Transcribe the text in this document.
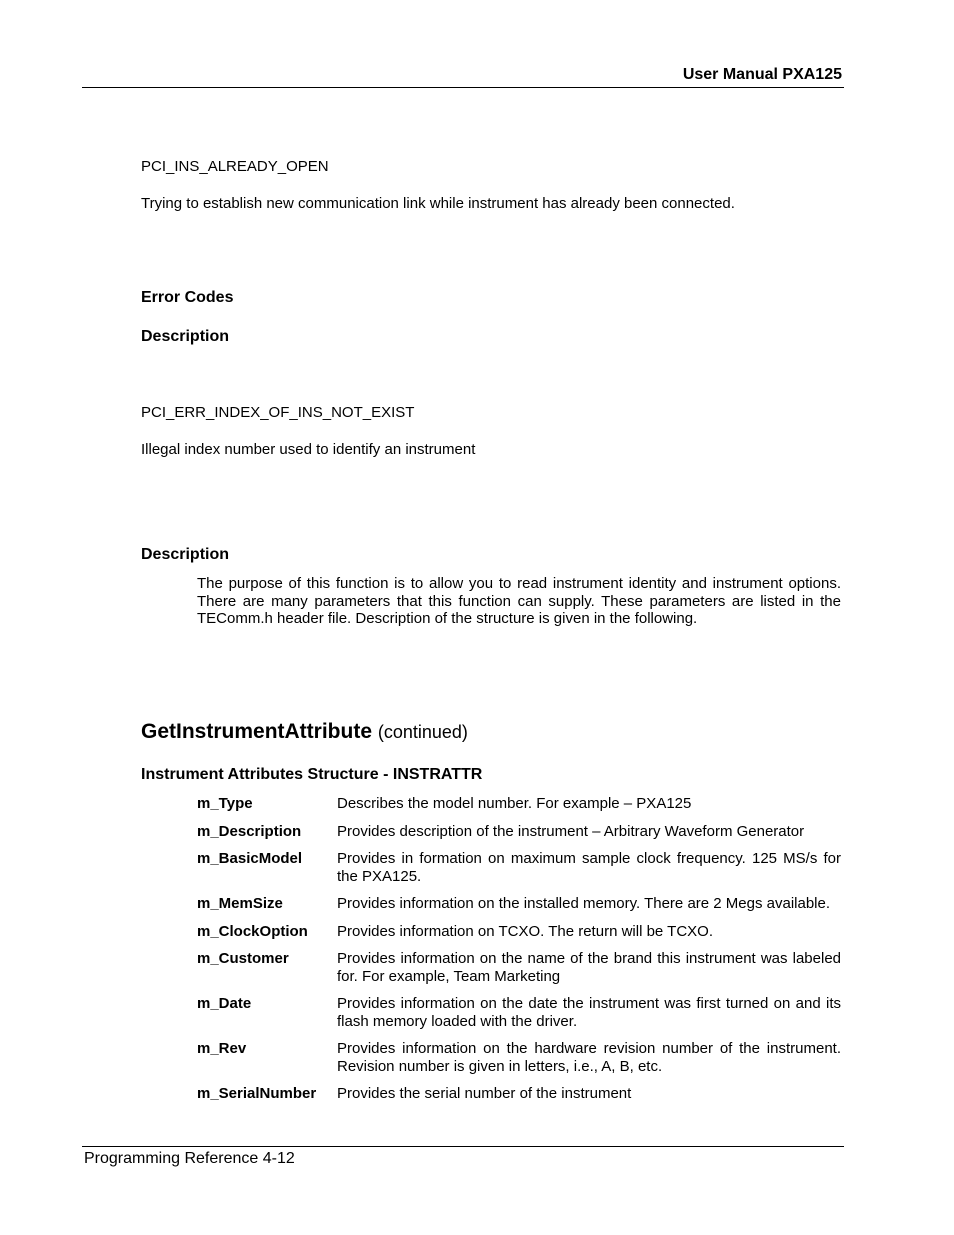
User Manual PXA125
PCI_INS_ALREADY_OPEN
Trying to establish new communication link while instrument has already been connected.
Error Codes
Description
PCI_ERR_INDEX_OF_INS_NOT_EXIST
Illegal index number used to identify an instrument
Description
The purpose of this function is to allow you to read instrument identity and instrument options. There are many parameters that this function can supply. These parameters are listed in the TEComm.h header file. Description of the structure is given in the following.
GetInstrumentAttribute (continued)
Instrument Attributes Structure - INSTRATTR
m_Type	Describes the model number. For example – PXA125
m_Description	Provides description of the instrument – Arbitrary Waveform Generator
m_BasicModel	Provides in formation on maximum sample clock frequency. 125 MS/s for the PXA125.
m_MemSize	Provides information on the installed memory. There are 2 Megs available.
m_ClockOption	Provides information on TCXO. The return will be TCXO.
m_Customer	Provides information on the name of the brand this instrument was labeled for. For example, Team Marketing
m_Date	Provides information on the date the instrument was first turned on and its flash memory loaded with the driver.
m_Rev	Provides information on the hardware revision number of the instrument. Revision number is given in letters, i.e., A, B, etc.
m_SerialNumber	Provides the serial number of the instrument
Programming Reference 4-12
